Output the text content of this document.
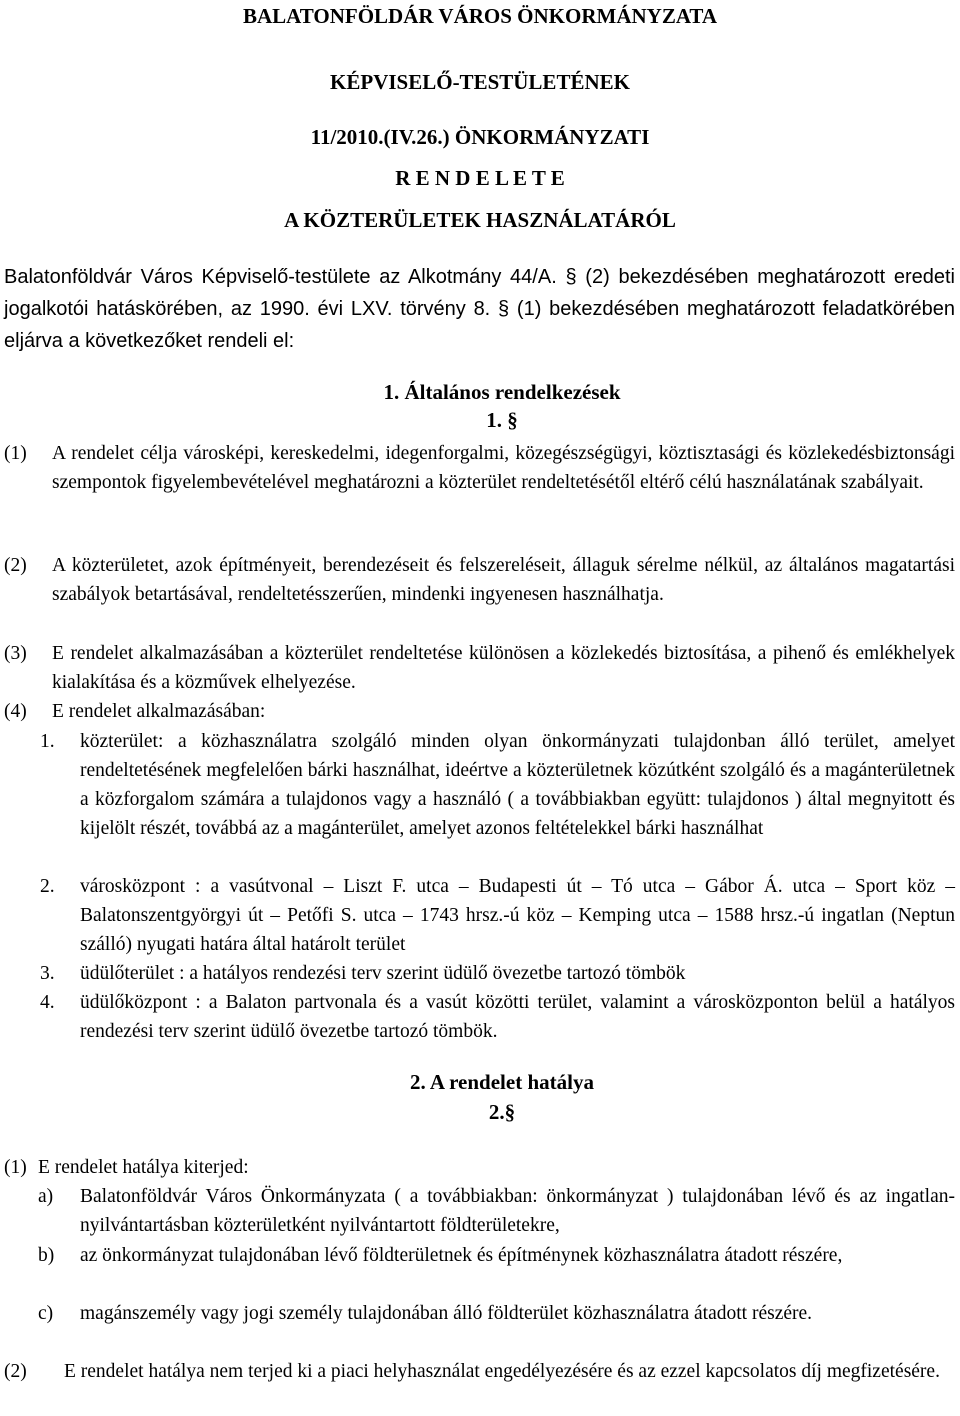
BALATONFÖLDÁR VÁROS ÖNKORMÁNYZATA

KÉPVISELŐ-TESTÜLETÉNEK

11/2010.(IV.26.) ÖNKORMÁNYZATI

R E N D E L E T E

A KÖZTERÜLETEK HASZNÁLATÁRÓL

Balatonföldvár Város Képviselő-testülete az Alkotmány 44/A. § (2) bekezdésében meghatározott eredeti jogalkotói hatáskörében, az 1990. évi LXV. törvény 8. § (1) bekezdésében meghatározott feladatkörében eljárva a következőket rendeli el:

1. Általános rendelkezések

1. §

(1)	A rendelet célja városképi, kereskedelmi, idegenforgalmi, közegészségügyi, köztisztasági és közlekedésbiztonsági szempontok figyelembevételével meghatározni a közterület rendeltetésétől eltérő célú használatának szabályait.
(2)	A közterületet, azok építményeit, berendezéseit és felszereléseit, állaguk sérelme nélkül, az általános magatartási szabályok betartásával, rendeltetésszerűen, mindenki ingyenesen használhatja.
(3)	E rendelet alkalmazásában a közterület rendeltetése különösen a közlekedés biztosítása, a pihenő és emlékhelyek kialakítása és a közművek elhelyezése.
(4)	E rendelet alkalmazásában:
1.	közterület: a közhasználatra szolgáló minden olyan önkormányzati tulajdonban álló terület, amelyet rendeltetésének megfelelően bárki használhat, ideértve a közterületnek közútként szolgáló és a magánterületnek a közforgalom számára a tulajdonos vagy a használó ( a továbbiakban együtt: tulajdonos ) által megnyitott és kijelölt részét, továbbá az a magánterület, amelyet azonos feltételekkel bárki használhat
2.	városközpont : a vasútvonal – Liszt F. utca – Budapesti út – Tó utca – Gábor Á. utca – Sport köz – Balatonszentgyörgyi út – Petőfi S. utca – 1743 hrsz.-ú köz – Kemping utca – 1588 hrsz.-ú ingatlan (Neptun szálló) nyugati határa által határolt terület
3.	üdülőterület : a hatályos rendezési terv szerint üdülő övezetbe tartozó tömbök
4.	üdülőközpont : a Balaton partvonala és a vasút közötti terület, valamint a városközponton belül a hatályos rendezési terv szerint üdülő övezetbe tartozó tömbök.

2. A rendelet hatálya

2.§

(1) E rendelet hatálya kiterjed:
a)	Balatonföldvár Város Önkormányzata ( a továbbiakban: önkormányzat ) tulajdonában lévő és az ingatlan-nyilvántartásban közterületként nyilvántartott földterületekre,
b)	az önkormányzat tulajdonában lévő földterületnek és építménynek közhasználatra átadott részére,
c)	magánszemély vagy jogi személy tulajdonában álló földterület közhasználatra átadott részére.
(2)	E rendelet hatálya nem terjed ki a piaci helyhasználat engedélyezésére és az ezzel kapcsolatos díj megfizetésére.
